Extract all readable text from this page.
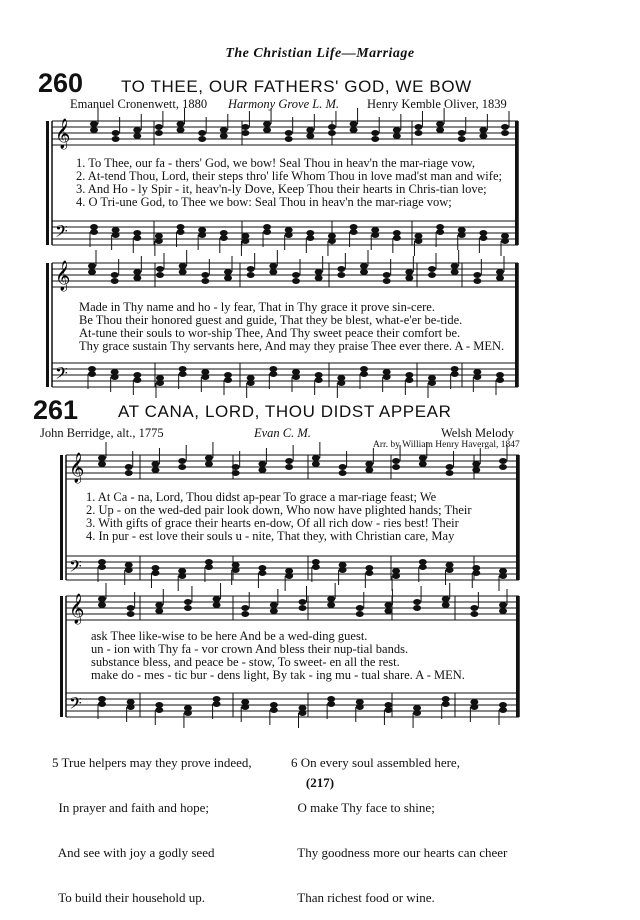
The Christian Life—Marriage
260 TO THEE, OUR FATHERS' GOD, WE BOW
Emanuel Cronenwett, 1880 Harmony Grove L. M. Henry Kemble Oliver, 1839
261 AT CANA, LORD, THOU DIDST APPEAR
John Berridge, alt., 1775	Evan C. M.	Welsh Melody
Arr. by William Henry Havergal, 1847
𝄞
𝄢
𝄞
𝄢
𝄞
𝄢
𝄞
𝄢
1. To Thee, our fa - thers' God, we bow! Seal Thou in heav'n the mar-riage vow,
2. At-tend Thou, Lord, their steps thro' life Whom Thou in love mad'st man and wife;
3. And Ho - ly Spir - it, heav'n-ly Dove, Keep Thou their hearts in Chris-tian love;
4. O Tri-une God, to Thee we bow: Seal Thou in heav'n the mar-riage vow;
Made in Thy name and ho - ly fear, That in Thy grace it prove sin-cere.
Be Thou their honored guest and guide, That they be blest, what-e'er be-tide.
At-tune their souls to wor-ship Thee, And Thy sweet peace their comfort be.
Thy grace sustain Thy servants here, And may they praise Thee ever there. A - MEN.
1. At Ca - na, Lord, Thou didst ap-pear To grace a mar-riage feast; We
2. Up - on the wed-ded pair look down, Who now have plighted hands; Their
3. With gifts of grace their hearts en-dow, Of all rich dow - ries best! Their
4. In pur - est love their souls u - nite, That they, with Christian care, May
ask Thee like-wise to be here And be a wed-ding guest.
un - ion with Thy fa - vor crown And bless their nup-tial bands.
substance bless, and peace be - stow, To sweet- en all the rest.
make do - mes - tic bur - dens light, By tak - ing mu - tual share. A - MEN.

5 True helpers may they prove indeed,

In prayer and faith and hope;

And see with joy a godly seed

To build their household up.

6 On every soul assembled here,

O make Thy face to shine;

Thy goodness more our hearts can cheer

Than richest food or wine.

(217)
